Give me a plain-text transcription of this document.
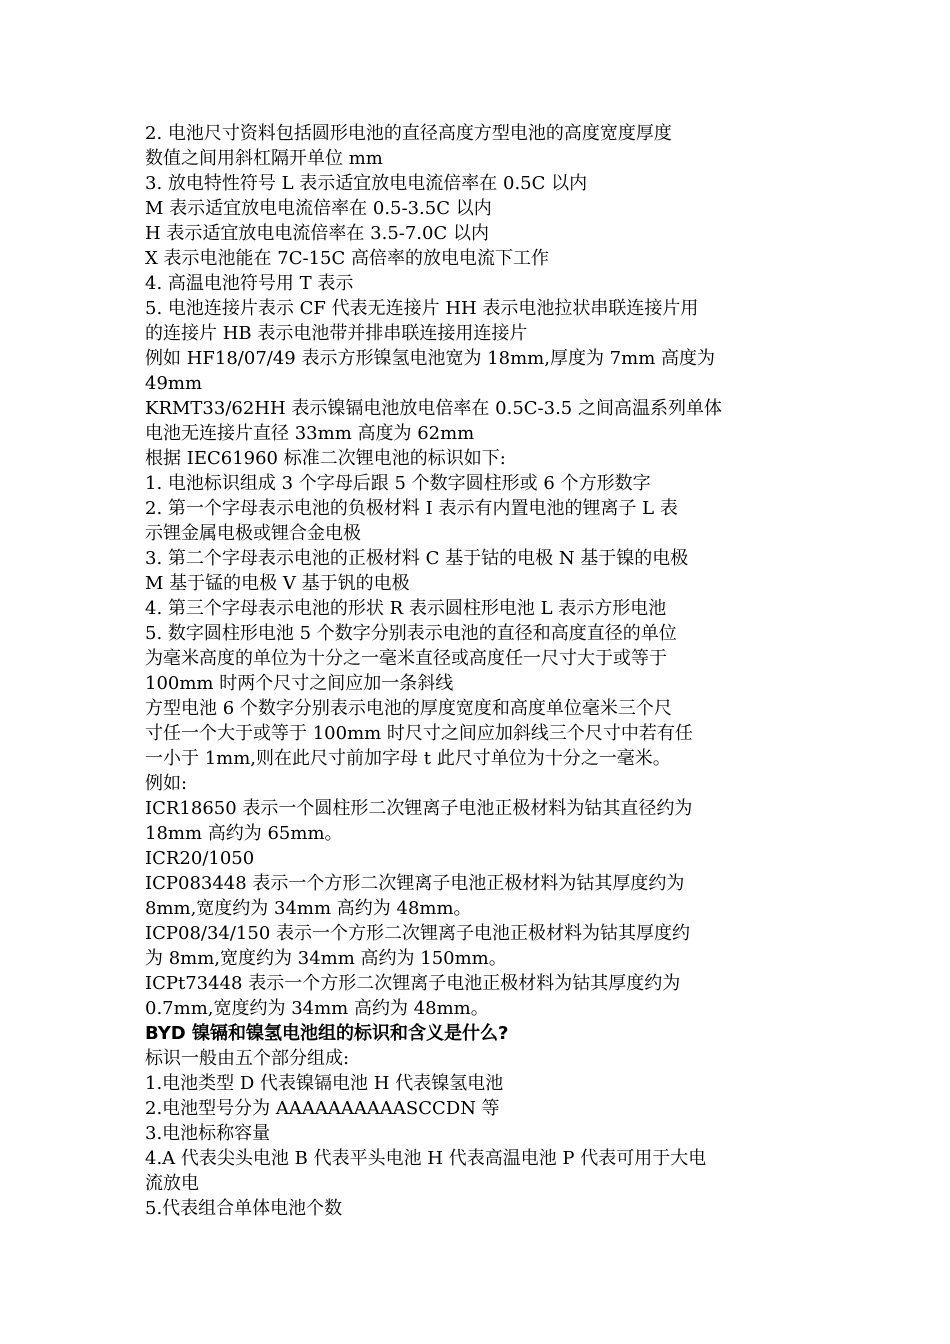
2. 电池尺寸资料包括圆形电池的直径高度方型电池的高度宽度厚度
数值之间用斜杠隔开单位 mm
3. 放电特性符号 L 表示适宜放电电流倍率在 0.5C 以内
M 表示适宜放电电流倍率在 0.5-3.5C 以内
H 表示适宜放电电流倍率在 3.5-7.0C 以内
X 表示电池能在 7C-15C 高倍率的放电电流下工作
4. 高温电池符号用 T 表示
5. 电池连接片表示 CF 代表无连接片 HH 表示电池拉状串联连接片用
的连接片 HB 表示电池带并排串联连接用连接片
例如 HF18/07/49 表示方形镍氢电池宽为 18mm,厚度为 7mm 高度为
49mm
KRMT33/62HH 表示镍镉电池放电倍率在 0.5C-3.5 之间高温系列单体
电池无连接片直径 33mm 高度为 62mm
根据 IEC61960 标准二次锂电池的标识如下:
1. 电池标识组成 3 个字母后跟 5 个数字圆柱形或 6 个方形数字
2. 第一个字母表示电池的负极材料 I 表示有内置电池的锂离子 L 表
示锂金属电极或锂合金电极
3. 第二个字母表示电池的正极材料 C 基于钴的电极 N 基于镍的电极
M 基于锰的电极 V 基于钒的电极
4. 第三个字母表示电池的形状 R 表示圆柱形电池 L 表示方形电池
5. 数字圆柱形电池 5 个数字分别表示电池的直径和高度直径的单位
为毫米高度的单位为十分之一毫米直径或高度任一尺寸大于或等于
100mm 时两个尺寸之间应加一条斜线
方型电池 6 个数字分别表示电池的厚度宽度和高度单位毫米三个尺
寸任一个大于或等于 100mm 时尺寸之间应加斜线三个尺寸中若有任
一小于 1mm,则在此尺寸前加字母 t 此尺寸单位为十分之一毫米。
例如:
ICR18650 表示一个圆柱形二次锂离子电池正极材料为钴其直径约为
18mm 高约为 65mm。
ICR20/1050
ICP083448 表示一个方形二次锂离子电池正极材料为钴其厚度约为
8mm,宽度约为 34mm 高约为 48mm。
ICP08/34/150 表示一个方形二次锂离子电池正极材料为钴其厚度约
为 8mm,宽度约为 34mm 高约为 150mm。
ICPt73448 表示一个方形二次锂离子电池正极材料为钴其厚度约为
0.7mm,宽度约为 34mm 高约为 48mm。
BYD 镍镉和镍氢电池组的标识和含义是什么?
标识一般由五个部分组成:
1.电池类型 D 代表镍镉电池 H 代表镍氢电池
2.电池型号分为 AAAAAAAAAASCCDN 等
3.电池标称容量
4.A 代表尖头电池 B 代表平头电池 H 代表高温电池 P 代表可用于大电
流放电
5.代表组合单体电池个数
